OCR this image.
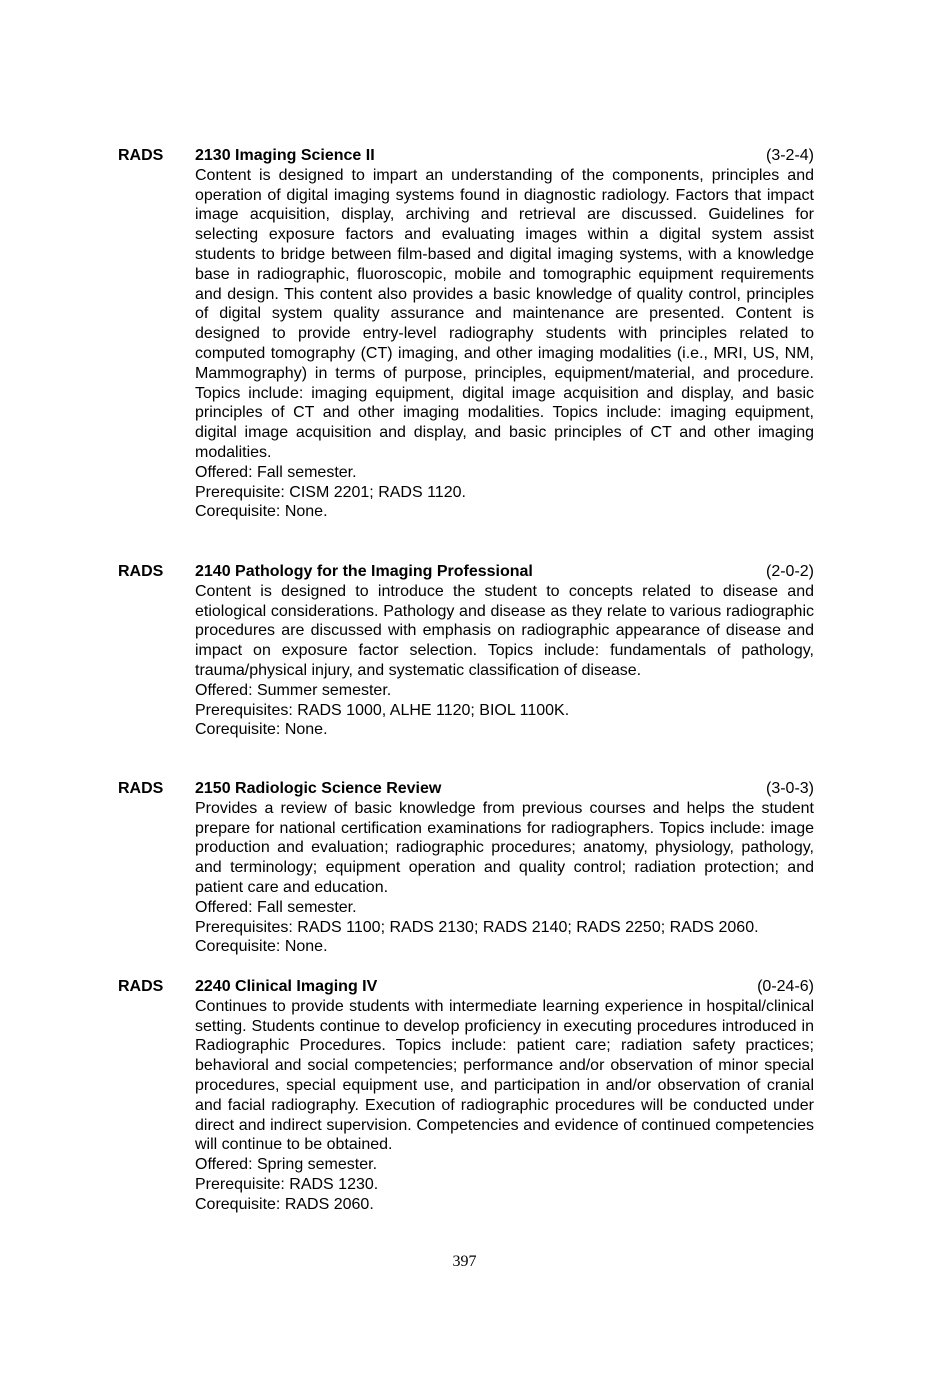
RADS 2130 Imaging Science II	(3-2-4)

Content is designed to impart an understanding of the components, principles and operation of digital imaging systems found in diagnostic radiology. Factors that impact image acquisition, display, archiving and retrieval are discussed. Guidelines for selecting exposure factors and evaluating images within a digital system assist students to bridge between film-based and digital imaging systems, with a knowledge base in radiographic, fluoroscopic, mobile and tomographic equipment requirements and design. This content also provides a basic knowledge of quality control, principles of digital system quality assurance and maintenance are presented. Content is designed to provide entry-level radiography students with principles related to computed tomography (CT) imaging, and other imaging modalities (i.e., MRI, US, NM, Mammography) in terms of purpose, principles, equipment/material, and procedure. Topics include: imaging equipment, digital image acquisition and display, and basic principles of CT and other imaging modalities. Topics include: imaging equipment, digital image acquisition and display, and basic principles of CT and other imaging modalities.

Offered: Fall semester.
Prerequisite: CISM 2201; RADS 1120.
Corequisite: None.
RADS 2140 Pathology for the Imaging Professional	(2-0-2)

Content is designed to introduce the student to concepts related to disease and etiological considerations. Pathology and disease as they relate to various radiographic procedures are discussed with emphasis on radiographic appearance of disease and impact on exposure factor selection. Topics include: fundamentals of pathology, trauma/physical injury, and systematic classification of disease.

Offered: Summer semester.
Prerequisites: RADS 1000, ALHE 1120; BIOL 1100K.
Corequisite: None.
RADS 2150 Radiologic Science Review	(3-0-3)

Provides a review of basic knowledge from previous courses and helps the student prepare for national certification examinations for radiographers. Topics include: image production and evaluation; radiographic procedures; anatomy, physiology, pathology, and terminology; equipment operation and quality control; radiation protection; and patient care and education.

Offered: Fall semester.
Prerequisites: RADS 1100; RADS 2130; RADS 2140; RADS 2250; RADS 2060.
Corequisite: None.
RADS 2240 Clinical Imaging IV	(0-24-6)

Continues to provide students with intermediate learning experience in hospital/clinical setting. Students continue to develop proficiency in executing procedures introduced in Radiographic Procedures. Topics include: patient care; radiation safety practices; behavioral and social competencies; performance and/or observation of minor special procedures, special equipment use, and participation in and/or observation of cranial and facial radiography. Execution of radiographic procedures will be conducted under direct and indirect supervision. Competencies and evidence of continued competencies will continue to be obtained.

Offered: Spring semester.
Prerequisite: RADS 1230.
Corequisite: RADS 2060.
397
